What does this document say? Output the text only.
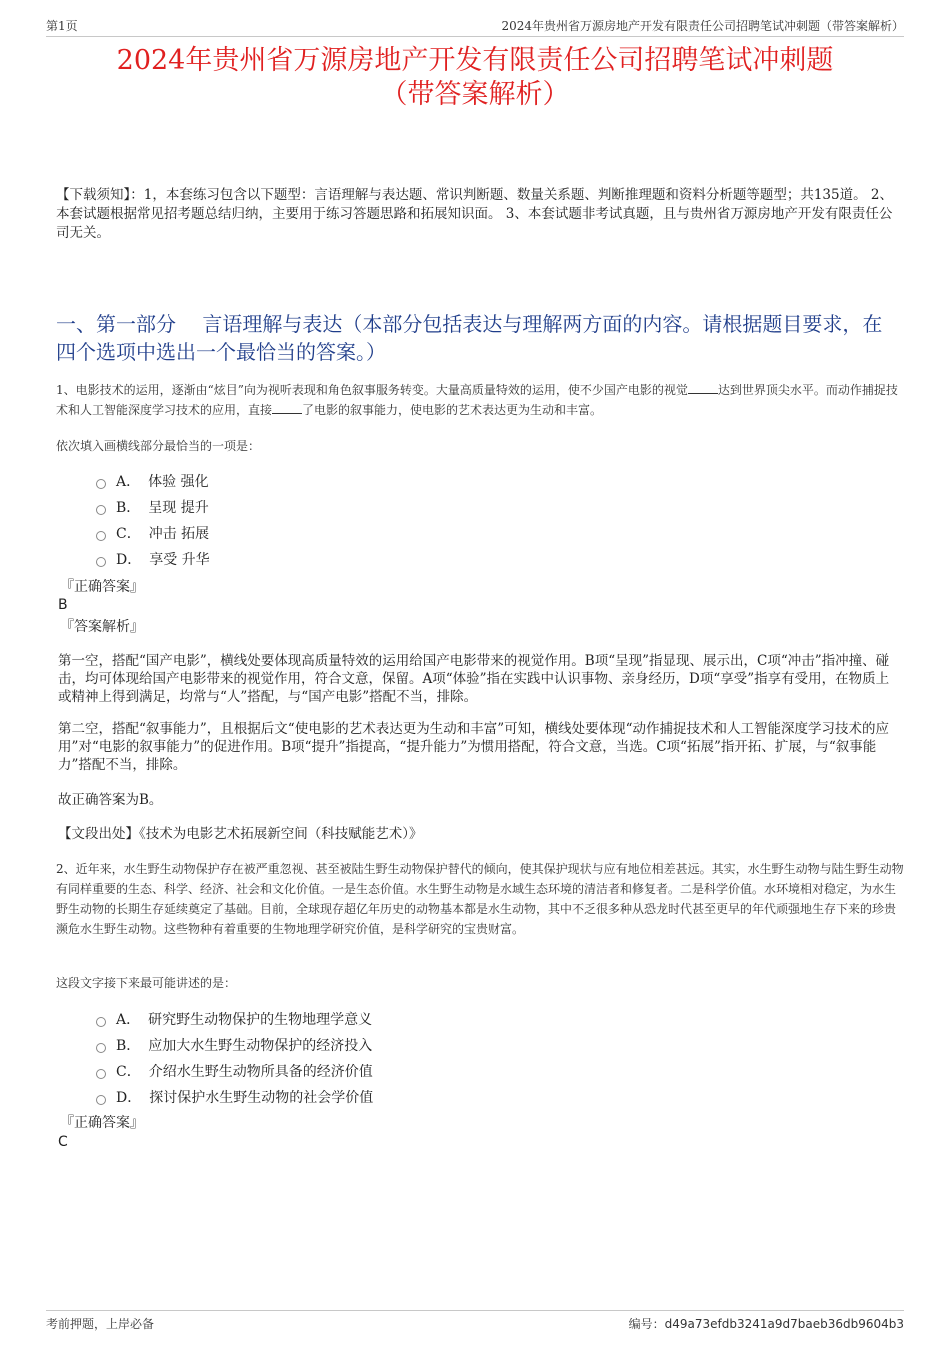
第1页	2024年贵州省万源房地产开发有限责任公司招聘笔试冲刺题（带答案解析）
2024年贵州省万源房地产开发有限责任公司招聘笔试冲刺题
（带答案解析）
【下载须知】：1，本套练习包含以下题型：言语理解与表达题、常识判断题、数量关系题、判断推理题和资料分析题等题型；共135道。 2、本套试题根据常见招考题总结归纳，主要用于练习答题思路和拓展知识面。 3、本套试题非考试真题，且与贵州省万源房地产开发有限责任公司无关。
一、第一部分　 言语理解与表达（本部分包括表达与理解两方面的内容。请根据题目要求，在四个选项中选出一个最恰当的答案。）

1、电影技术的运用，逐渐由“炫目”向为视听表现和角色叙事服务转变。大量高质量特效的运用，使不少国产电影的视觉	达到世界顶尖水平。而动作捕捉技术和人工智能深度学习技术的应用，直接	了电影的叙事能力，使电影的艺术表达更为生动和丰富。

依次填入画横线部分最恰当的一项是：

A． 体验 强化
B． 呈现 提升
C． 冲击 拓展
D． 享受 升华
『正确答案』
B
『答案解析』

第一空，搭配“国产电影”，横线处要体现高质量特效的运用给国产电影带来的视觉作用。B项“呈现”指显现、展示出，C项“冲击”指冲撞、碰击，均可体现给国产电影带来的视觉作用，符合文意，保留。A项“体验”指在实践中认识事物、亲身经历，D项“享受”指享有受用，在物质上或精神上得到满足，均常与“人”搭配，与“国产电影”搭配不当，排除。

第二空，搭配“叙事能力”，且根据后文“使电影的艺术表达更为生动和丰富”可知，横线处要体现“动作捕捉技术和人工智能深度学习技术的应用”对“电影的叙事能力”的促进作用。B项“提升”指提高，“提升能力”为惯用搭配，符合文意，当选。C项“拓展”指开拓、扩展，与“叙事能力”搭配不当，排除。

故正确答案为B。

【文段出处】《技术为电影艺术拓展新空间（科技赋能艺术）》

2、近年来，水生野生动物保护存在被严重忽视、甚至被陆生野生动物保护替代的倾向，使其保护现状与应有地位相差甚远。其实，水生野生动物与陆生野生动物有同样重要的生态、科学、经济、社会和文化价值。一是生态价值。水生野生动物是水域生态环境的清洁者和修复者。二是科学价值。水环境相对稳定，为水生野生动物的长期生存延续奠定了基础。目前，全球现存超亿年历史的动物基本都是水生动物，其中不乏很多种从恐龙时代甚至更早的年代顽强地生存下来的珍贵濒危水生野生动物。这些物种有着重要的生物地理学研究价值，是科学研究的宝贵财富。

这段文字接下来最可能讲述的是：

A． 研究野生动物保护的生物地理学意义
B． 应加大水生野生动物保护的经济投入
C． 介绍水生野生动物所具备的经济价值
D． 探讨保护水生野生动物的社会学价值
『正确答案』
C
考前押题，上岸必备	编号：d49a73efdb3241a9d7baeb36db9604b3
